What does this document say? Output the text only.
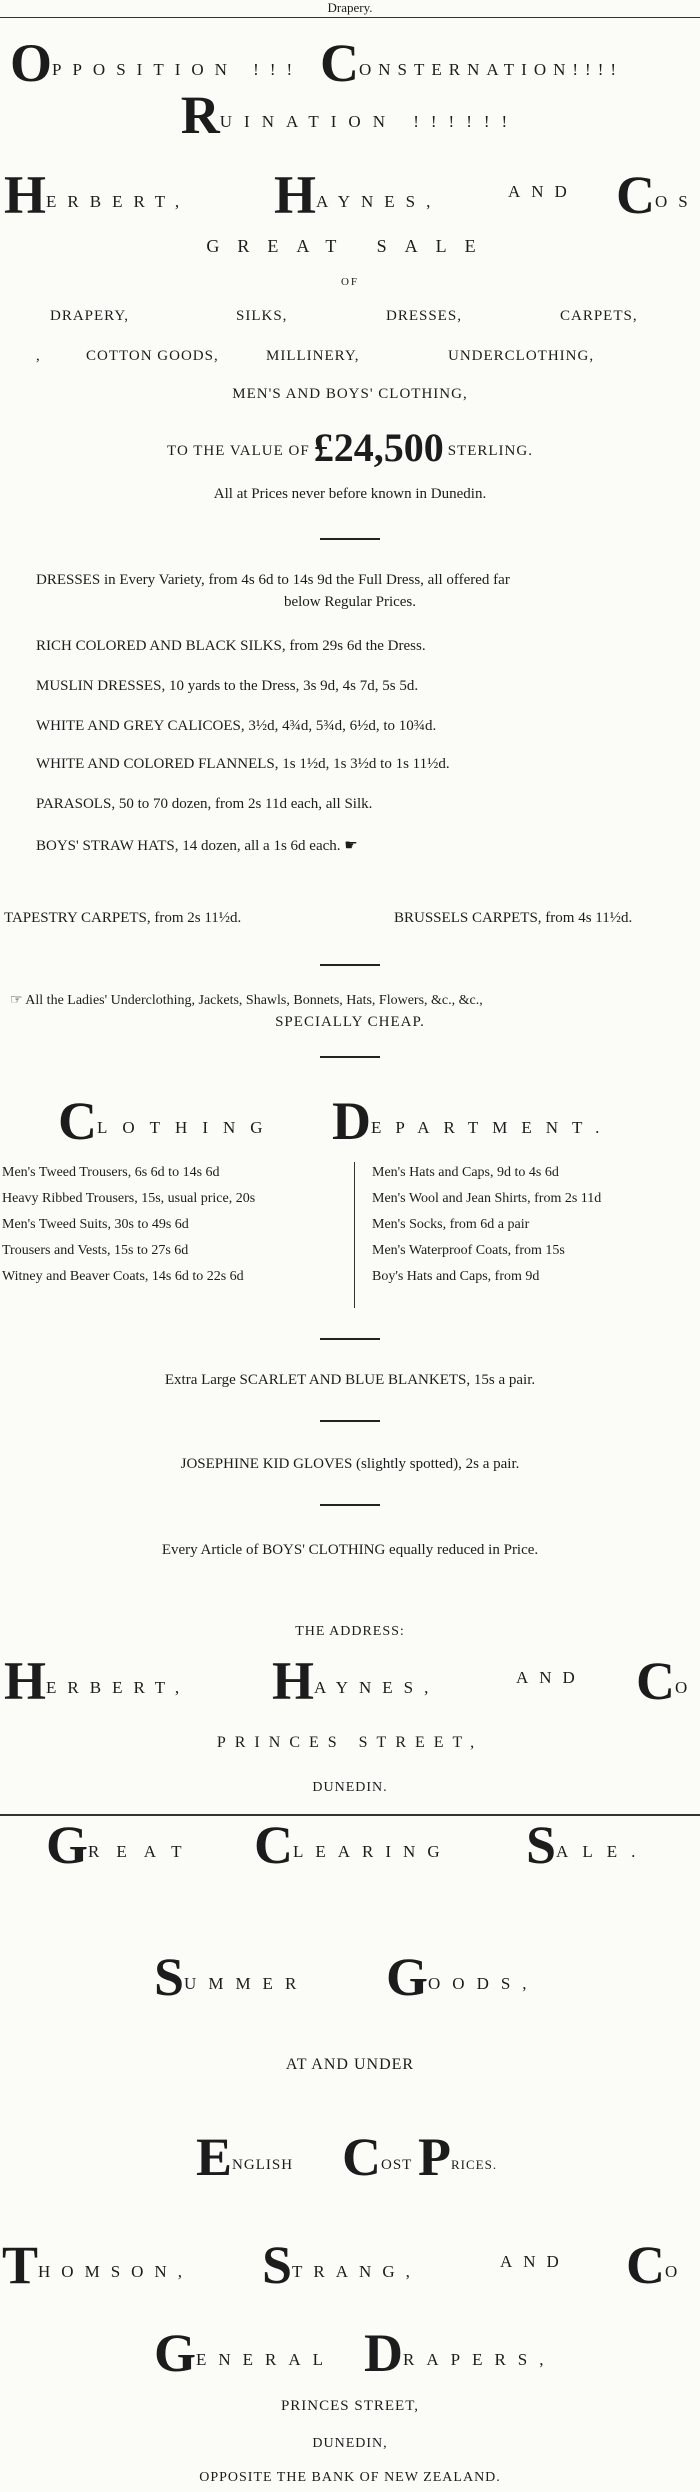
Drapery.
OPPOSITION !!! CONSTERNATION!!!!
RUINATION !!!!!!
HERBERT, HAYNES,
AND COS
GREAT SALE
OF
DRAPERY,	SILKS,	DRESSES,	CARPETS,
,	COTTON GOODS,	MILLINERY,	UNDERCLOTHING,
MEN'S AND BOYS' CLOTHING,
TO THE VALUE OF £24,500 STERLING.
All at Prices never before known in Dunedin.
DRESSES in Every Variety, from 4s 6d to 14s 9d the Full Dress, all offered far
below Regular Prices.
RICH COLORED AND BLACK SILKS, from 29s 6d the Dress.
MUSLIN DRESSES, 10 yards to the Dress, 3s 9d, 4s 7d, 5s 5d.
WHITE AND GREY CALICOES, 3½d, 4¾d, 5¾d, 6½d, to 10¾d.
WHITE AND COLORED FLANNELS, 1s 1½d, 1s 3½d to 1s 11½d.
PARASOLS, 50 to 70 dozen, from 2s 11d each, all Silk.
BOYS' STRAW HATS, 14 dozen, all a 1s 6d each. ☛
TAPESTRY CARPETS, from 2s 11½d.	BRUSSELS CARPETS, from 4s 11½d.
☞ All the Ladies' Underclothing, Jackets, Shawls, Bonnets, Hats, Flowers, &c., &c.,
SPECIALLY CHEAP.
CLOTHING DEPARTMENT.
Men's Tweed Trousers, 6s 6d to 14s 6d
Heavy Ribbed Trousers, 15s, usual price, 20s
Men's Tweed Suits, 30s to 49s 6d
Trousers and Vests, 15s to 27s 6d
Witney and Beaver Coats, 14s 6d to 22s 6d
Men's Hats and Caps, 9d to 4s 6d
Men's Wool and Jean Shirts, from 2s 11d
Men's Socks, from 6d a pair
Men's Waterproof Coats, from 15s
Boy's Hats and Caps, from 9d
Extra Large SCARLET AND BLUE BLANKETS, 15s a pair.
JOSEPHINE KID GLOVES (slightly spotted), 2s a pair.
Every Article of BOYS' CLOTHING equally reduced in Price.
THE ADDRESS:
HERBERT, HAYNES,
AND CO
PRINCES STREET,
DUNEDIN.
GREAT CLEARING SALE.
SUMMER GOODS,
AT AND UNDER
ENGLISH COST PRICES.
THOMSON, STRANG,
AND CO
GENERAL DRAPERS,
PRINCES STREET,
DUNEDIN,
OPPOSITE THE BANK OF NEW ZEALAND.
